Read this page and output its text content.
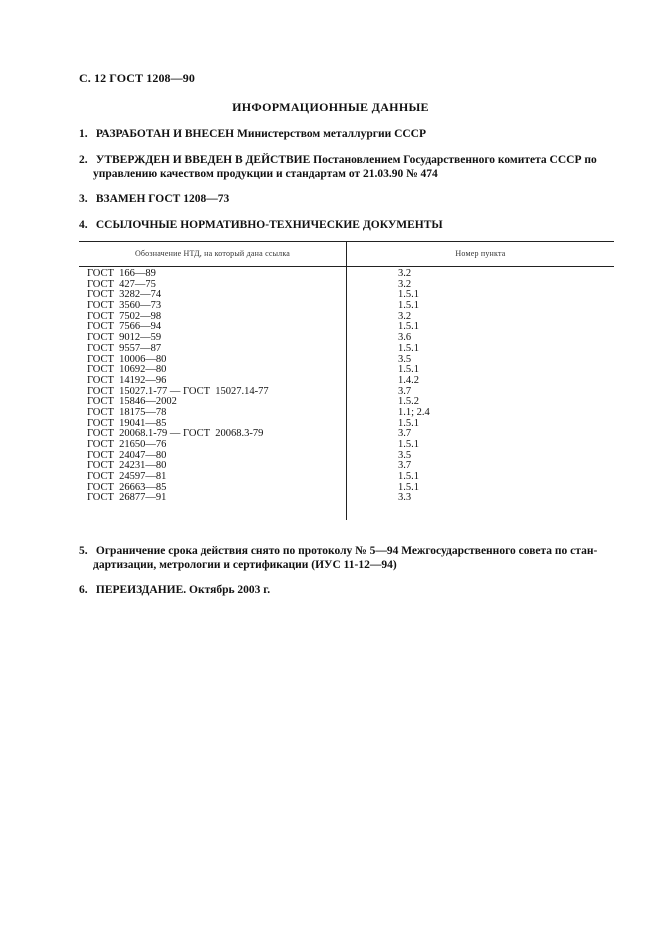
С. 12 ГОСТ 1208—90
ИНФОРМАЦИОННЫЕ ДАННЫЕ
1. РАЗРАБОТАН И ВНЕСЕН Министерством металлургии СССР
2. УТВЕРЖДЕН И ВВЕДЕН В ДЕЙСТВИЕ Постановлением Государственного комитета СССР по
управлению качеством продукции и стандартам от 21.03.90 № 474
3. ВЗАМЕН ГОСТ 1208—73
4. ССЫЛОЧНЫЕ НОРМАТИВНО-ТЕХНИЧЕСКИЕ ДОКУМЕНТЫ
Обозначение НТД, на который дана ссылка	Номер пункта
ГОСТ  166—89	3.2
ГОСТ  427—75	3.2
ГОСТ  3282—74	1.5.1
ГОСТ  3560—73	1.5.1
ГОСТ  7502—98	3.2
ГОСТ  7566—94	1.5.1
ГОСТ  9012—59	3.6
ГОСТ  9557—87	1.5.1
ГОСТ  10006—80	3.5
ГОСТ  10692—80	1.5.1
ГОСТ  14192—96	1.4.2
ГОСТ  15027.1-77 — ГОСТ  15027.14-77	3.7
ГОСТ  15846—2002	1.5.2
ГОСТ  18175—78	1.1; 2.4
ГОСТ  19041—85	1.5.1
ГОСТ  20068.1-79 — ГОСТ  20068.3-79	3.7
ГОСТ  21650—76	1.5.1
ГОСТ  24047—80	3.5
ГОСТ  24231—80	3.7
ГОСТ  24597—81	1.5.1
ГОСТ  26663—85	1.5.1
ГОСТ  26877—91	3.3
5. Ограничение срока действия снято по протоколу № 5—94 Межгосударственного совета по стан-
дартизации, метрологии и сертификации (ИУС 11-12—94)
6. ПЕРЕИЗДАНИЕ. Октябрь 2003 г.
